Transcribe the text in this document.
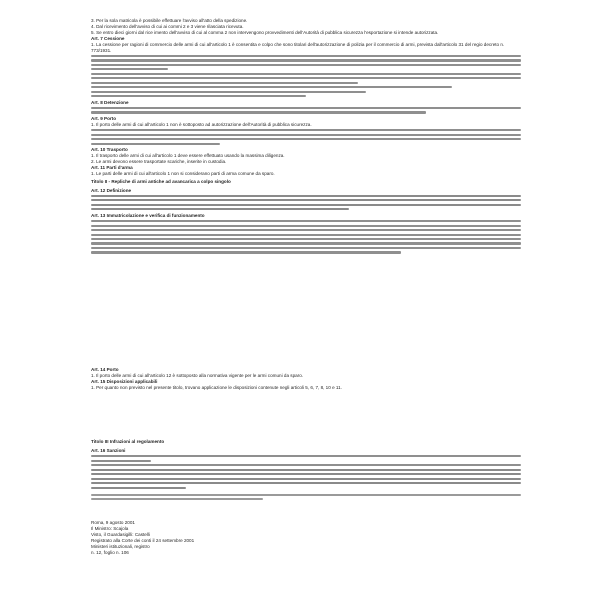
3. Per la sola matricola è possibile effettuare l'avviso all'atto della spedizione.

4. Dal ricevimento dell'avviso di cui ai commi 2 e 3 viene rilasciata ricevuta.

5. Se entro dieci giorni dal rice imento dell'avviso di cui al comma 2 non intervengono provvedimenti dell'Autorità di pubblica sicurezza l'esportazione si intende autorizzata.

Art. 7 Cessione

1. La cessione per ragioni di commercio delle armi di cui all'articolo 1 è consentita e colpo che sono titolari dell'autorizzazione di polizia per il commercio di armi, prevista dall'articolo 31 del regio decreto n. 773/1931.

Art. 8 Detenzione

Art. 9 Porto

1. Il porto delle armi di cui all'articolo 1 non è sottoposto ad autorizzazione dell'Autorità di pubblica sicurezza.

Art. 10 Trasporto

1. Il trasporto delle armi di cui all'articolo 1 deve essere effettuato usando la massima diligenza.

2. Le armi devono essere trasportate scariche, inserite in custodia.

Art. 11 Parti d'arma

1. Le parti delle armi di cui all'articolo 1 non si considerano parti di arma comune da sparo.

Titolo II - Repliche di armi antiche ad avancarica a colpo singolo

Art. 12 Definizione

Art. 13 Immatricolazione e verifica di funzionamento

Art. 14 Porto

1. Il porto delle armi di cui all'articolo 12 è sottoposto alla normativa vigente per le armi comuni da sparo.

Art. 15 Disposizioni applicabili

1. Per quanto non previsto nel presente titolo, trovano applicazione le disposizioni contenute negli articoli 5, 6, 7, 8, 10 e 11.

Titolo III Infrazioni al regolamento

Art. 16 Sanzioni

Roma, 9 agosto 2001

Il Ministro: Scajola

Visto, il Guardasigilli: Castelli

Registrato alla Corte dei conti il 24 settembre 2001

Ministeri istituzionali, registro

n. 12, foglio n. 106
